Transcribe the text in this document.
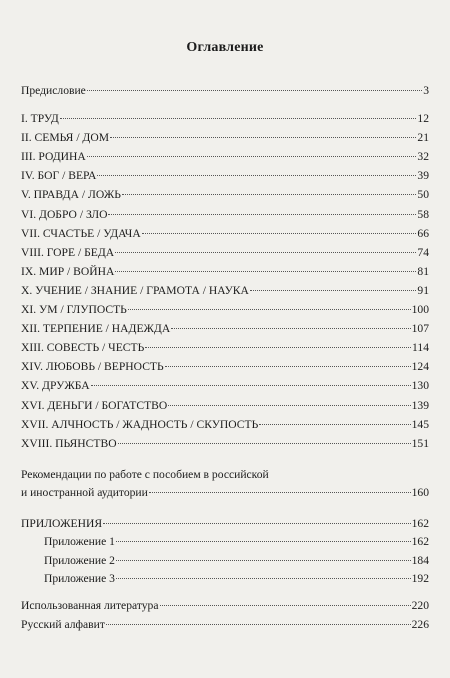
Оглавление
Предисловие	3
I. ТРУД	12
II. СЕМЬЯ / ДОМ	21
III. РОДИНА	32
IV. БОГ / ВЕРА	39
V. ПРАВДА / ЛОЖЬ	50
VI. ДОБРО / ЗЛО	58
VII. СЧАСТЬЕ / УДАЧА	66
VIII. ГОРЕ / БЕДА	74
IX. МИР / ВОЙНА	81
X. УЧЕНИЕ / ЗНАНИЕ / ГРАМОТА / НАУКА	91
XI. УМ / ГЛУПОСТЬ	100
XII. ТЕРПЕНИЕ / НАДЕЖДА	107
XIII. СОВЕСТЬ / ЧЕСТЬ	114
XIV. ЛЮБОВЬ / ВЕРНОСТЬ	124
XV. ДРУЖБА	130
XVI. ДЕНЬГИ / БОГАТСТВО	139
XVII. АЛЧНОСТЬ / ЖАДНОСТЬ / СКУПОСТЬ	145
XVIII. ПЬЯНСТВО	151
Рекомендации по работе с пособием в российской
и иностранной аудитории	160
ПРИЛОЖЕНИЯ	162
Приложение 1	162
Приложение 2	184
Приложение 3	192
Использованная литература	220
Русский алфавит	226
